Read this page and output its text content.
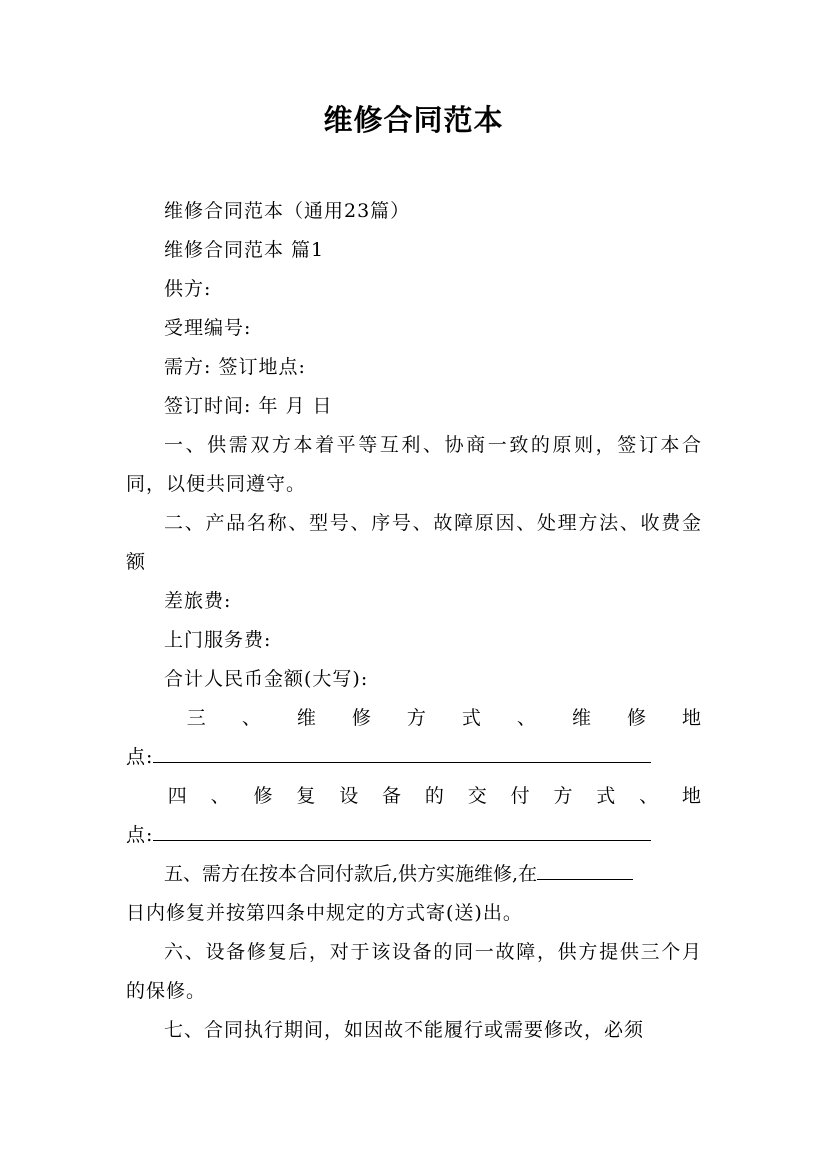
维修合同范本

维修合同范本（通用23篇）

维修合同范本 篇1

供方:

受理编号:

需方: 签订地点:

签订时间: 年 月 日

一、供需双方本着平等互利、协商一致的原则，签订本合同，以便共同遵守。

二、产品名称、型号、序号、故障原因、处理方法、收费金额

差旅费:

上门服务费:

合计人民币金额(大写):

三、维修方式、维修地

点:

四、修复设备的交付方式、地

点:

五、需方在按本合同付款后,供方实施维修,在

日内修复并按第四条中规定的方式寄(送)出。

六、设备修复后，对于该设备的同一故障，供方提供三个月的保修。

七、合同执行期间，如因故不能履行或需要修改，必须
